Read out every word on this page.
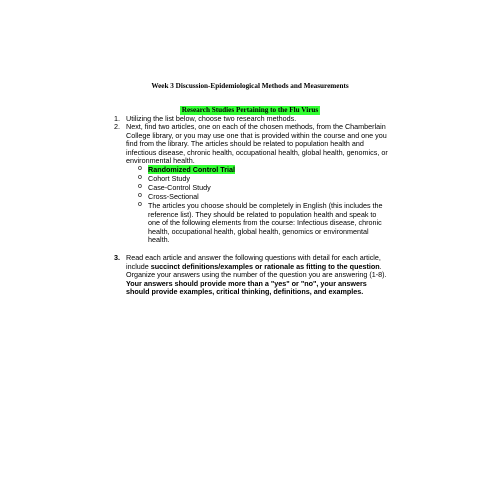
Week 3 Discussion-Epidemiological Methods and Measurements
Research Studies Pertaining to the Flu Virus
1. Utilizing the list below, choose two research methods.
2. Next, find two articles, one on each of the chosen methods, from the Chamberlain College library, or you may use one that is provided within the course and one you find from the library. The articles should be related to population health and infectious disease, chronic health, occupational health, global health, genomics, or environmental health.
o Randomized Control Trial
o Cohort Study
o Case-Control Study
o Cross-Sectional
o The articles you choose should be completely in English (this includes the reference list). They should be related to population health and speak to one of the following elements from the course: Infectious disease, chronic health, occupational health, global health, genomics or environmental health.
3. Read each article and answer the following questions with detail for each article, include succinct definitions/examples or rationale as fitting to the question. Organize your answers using the number of the question you are answering (1-8). Your answers should provide more than a "yes" or "no", your answers should provide examples, critical thinking, definitions, and examples.
